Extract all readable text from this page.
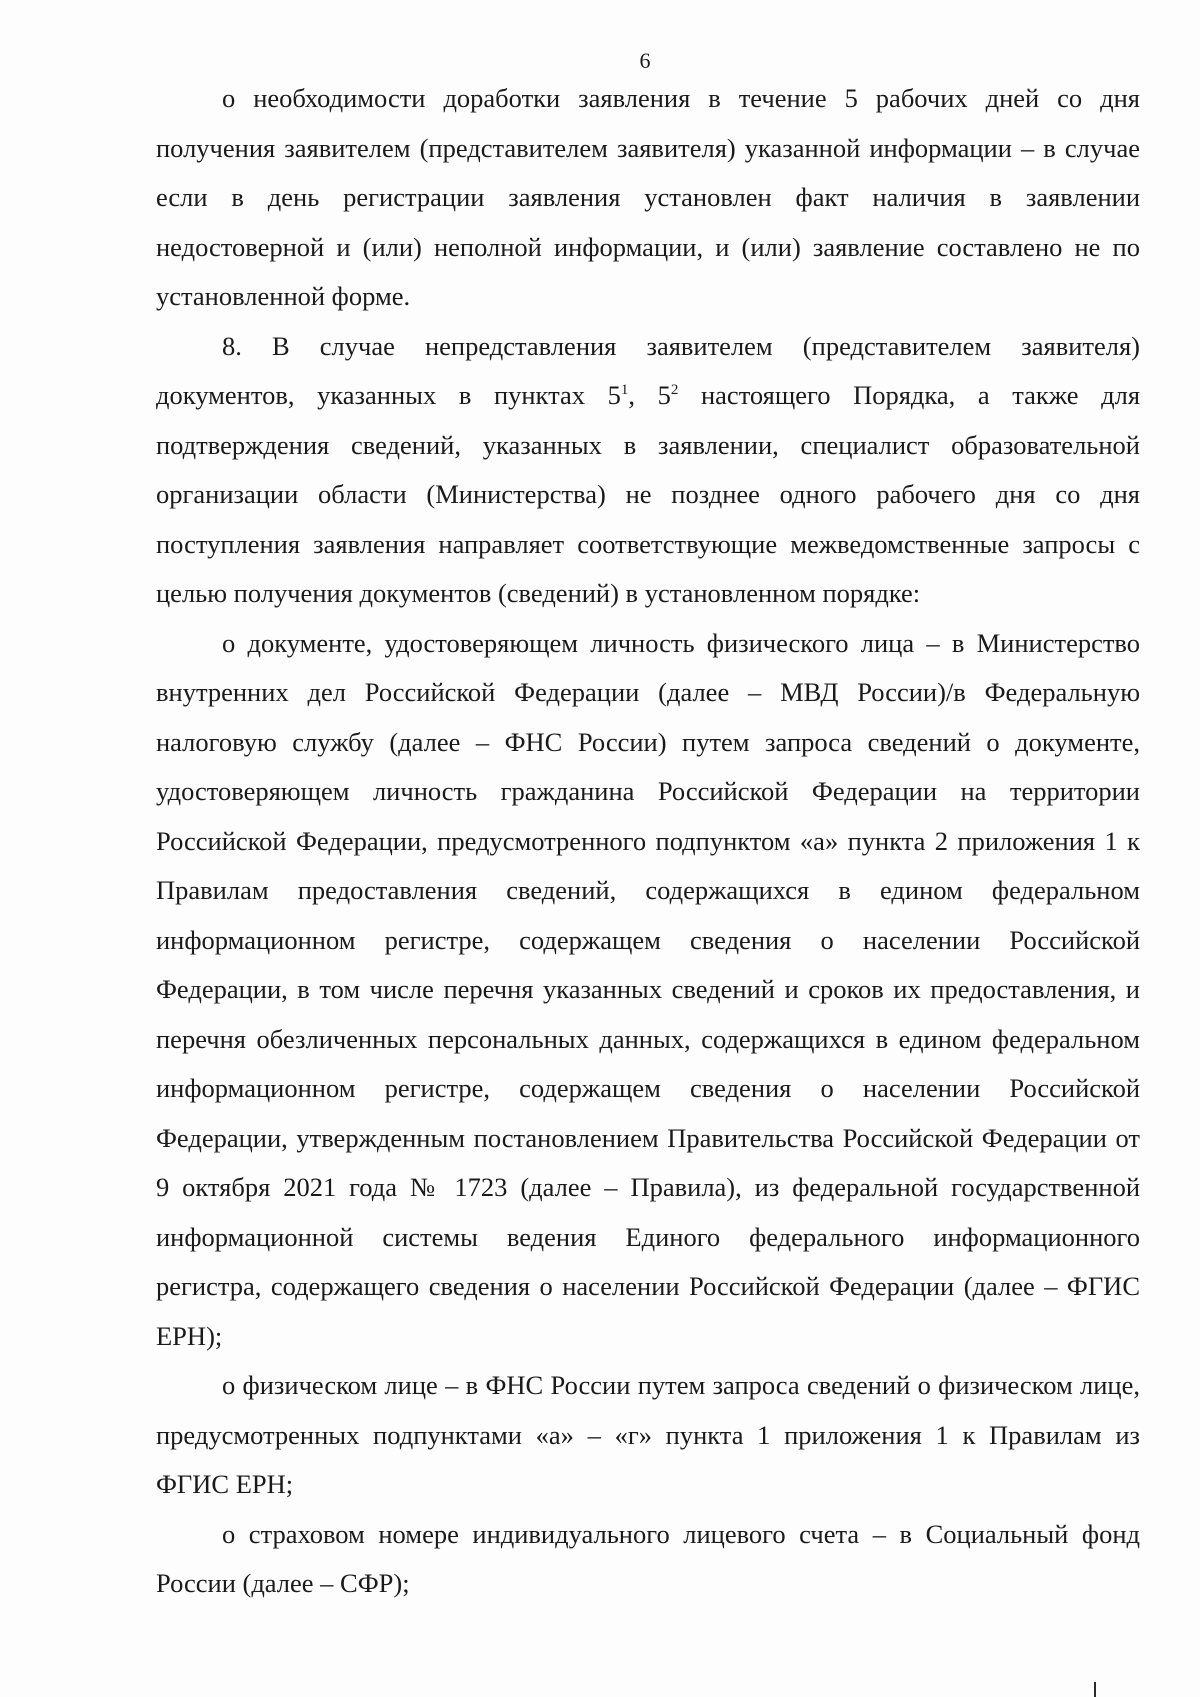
6

о необходимости доработки заявления в течение 5 рабочих дней со дня получения заявителем (представителем заявителя) указанной информации – в случае если в день регистрации заявления установлен факт наличия в заявлении недостоверной и (или) неполной информации, и (или) заявление составлено не по установленной форме.

8. В случае непредставления заявителем (представителем заявителя) документов, указанных в пунктах $5^1$, $5^2$ настоящего Порядка, а также для подтверждения сведений, указанных в заявлении, специалист образовательной организации области (Министерства) не позднее одного рабочего дня со дня поступления заявления направляет соответствующие межведомственные запросы с целью получения документов (сведений) в установленном порядке:

о документе, удостоверяющем личность физического лица – в Министерство внутренних дел Российской Федерации (далее – МВД России)/в Федеральную налоговую службу (далее – ФНС России) путем запроса сведений о документе, удостоверяющем личность гражданина Российской Федерации на территории Российской Федерации, предусмотренного подпунктом «а» пункта 2 приложения 1 к Правилам предоставления сведений, содержащихся в едином федеральном информационном регистре, содержащем сведения о населении Российской Федерации, в том числе перечня указанных сведений и сроков их предоставления, и перечня обезличенных персональных данных, содержащихся в едином федеральном информационном регистре, содержащем сведения о населении Российской Федерации, утвержденным постановлением Правительства Российской Федерации от 9 октября 2021 года № 1723 (далее – Правила), из федеральной государственной информационной системы ведения Единого федерального информационного регистра, содержащего сведения о населении Российской Федерации (далее – ФГИС ЕРН);

о физическом лице – в ФНС России путем запроса сведений о физическом лице, предусмотренных подпунктами «а» – «г» пункта 1 приложения 1 к Правилам из ФГИС ЕРН;

о страховом номере индивидуального лицевого счета – в Социальный фонд России (далее – СФР);
